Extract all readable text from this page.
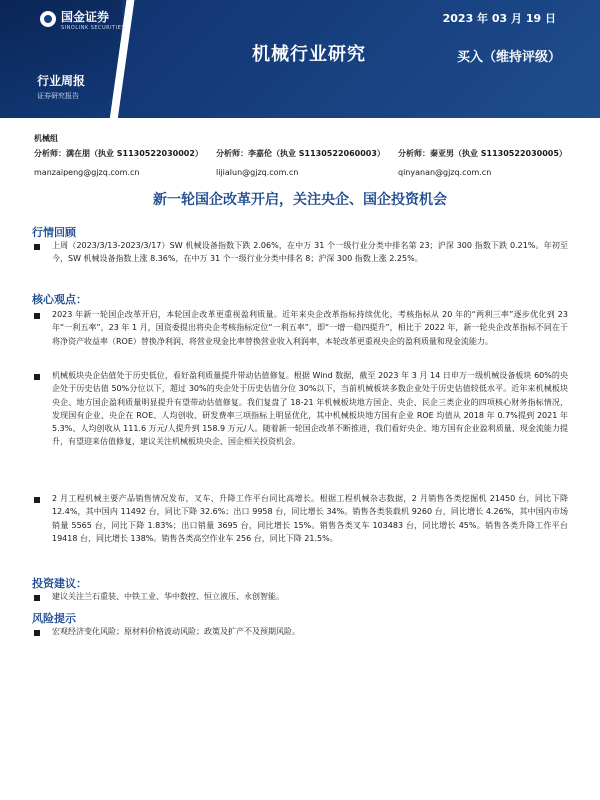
国金证券
SINOLINK SECURITIES
2023 年 03 月 19 日
机械行业研究	买入（维持评级）
行业周报
证券研究报告
机械组
分析师：满在朋（执业 S1130522030002） 分析师：李嘉伦（执业 S1130522060003） 分析师：秦亚男（执业 S1130522030005）
manzaipeng@gjzq.com.cn	lijialun@gjzq.com.cn	qinyanan@gjzq.com.cn
新一轮国企改革开启，关注央企、国企投资机会
行情回顾
上周（2023/3/13-2023/3/17）SW 机械设备指数下跌 2.06%，在中万 31 个一级行业分类中排名第 23；沪深 300 指数下跌 0.21%。年初至今，SW 机械设备指数上涨 8.36%，在中万 31 个一级行业分类中排名 8；沪深 300 指数上涨 2.25%。
核心观点：
2023 年新一轮国企改革开启，本轮国企改革更重视盈利质量。近年来央企改革指标持续优化，考核指标从 20 年的“两利三率”逐步优化到 23 年“一利五率”，23 年 1 月，国资委提出将央企考核指标定位“一利五率”，即“一增一稳四提升”，相比于 2022 年，新一轮央企改革指标不同在于将净资产收益率（ROE）替换净利润、将营业现金比率替换营业收入利润率，本轮改革更重视央企的盈利质量和现金流能力。
机械板块央企估值处于历史低位，看好盈利质量提升带动估值修复。根据 Wind 数据，截至 2023 年 3 月 14 日申万一级机械设备板块 60%的央企处于历史估值 50%分位以下，超过 30%的央企处于历史估值分位 30%以下，当前机械板块多数企业处于历史估值较低水平。近年来机械板块央企、地方国企盈利质量明显提升有望带动估值修复。我们复盘了 18-21 年机械板块地方国企、央企、民企三类企业的四项核心财务指标情况，发现国有企业、央企在 ROE、人均创收、研发费率三项指标上明显优化，其中机械板块地方国有企业 ROE 均值从 2018 年 0.7%提到 2021 年 5.3%、人均创收从 111.6 万元/人提升到 158.9 万元/人。随着新一轮国企改革不断推进，我们看好央企、地方国有企业盈利质量、现金流能力提升，有望迎来估值修复，建议关注机械板块央企、国企相关投资机会。
2 月工程机械主要产品销售情况发布，叉车、升降工作平台同比高增长。根据工程机械杂志数据，2 月销售各类挖掘机 21450 台，同比下降 12.4%，其中国内 11492 台，同比下降 32.6%；出口 9958 台，同比增长 34%。销售各类装载机 9260 台，同比增长 4.26%，其中国内市场销量 5565 台，同比下降 1.83%；出口销量 3695 台，同比增长 15%。销售各类叉车 103483 台，同比增长 45%。销售各类升降工作平台 19418 台，同比增长 138%。销售各类高空作业车 256 台，同比下降 21.5%。
投资建议：
建议关注兰石重装、中铁工业、华中数控、恒立液压、永创智能。
风险提示
宏观经济变化风险；原材料价格波动风险；政策及扩产不及预期风险。
